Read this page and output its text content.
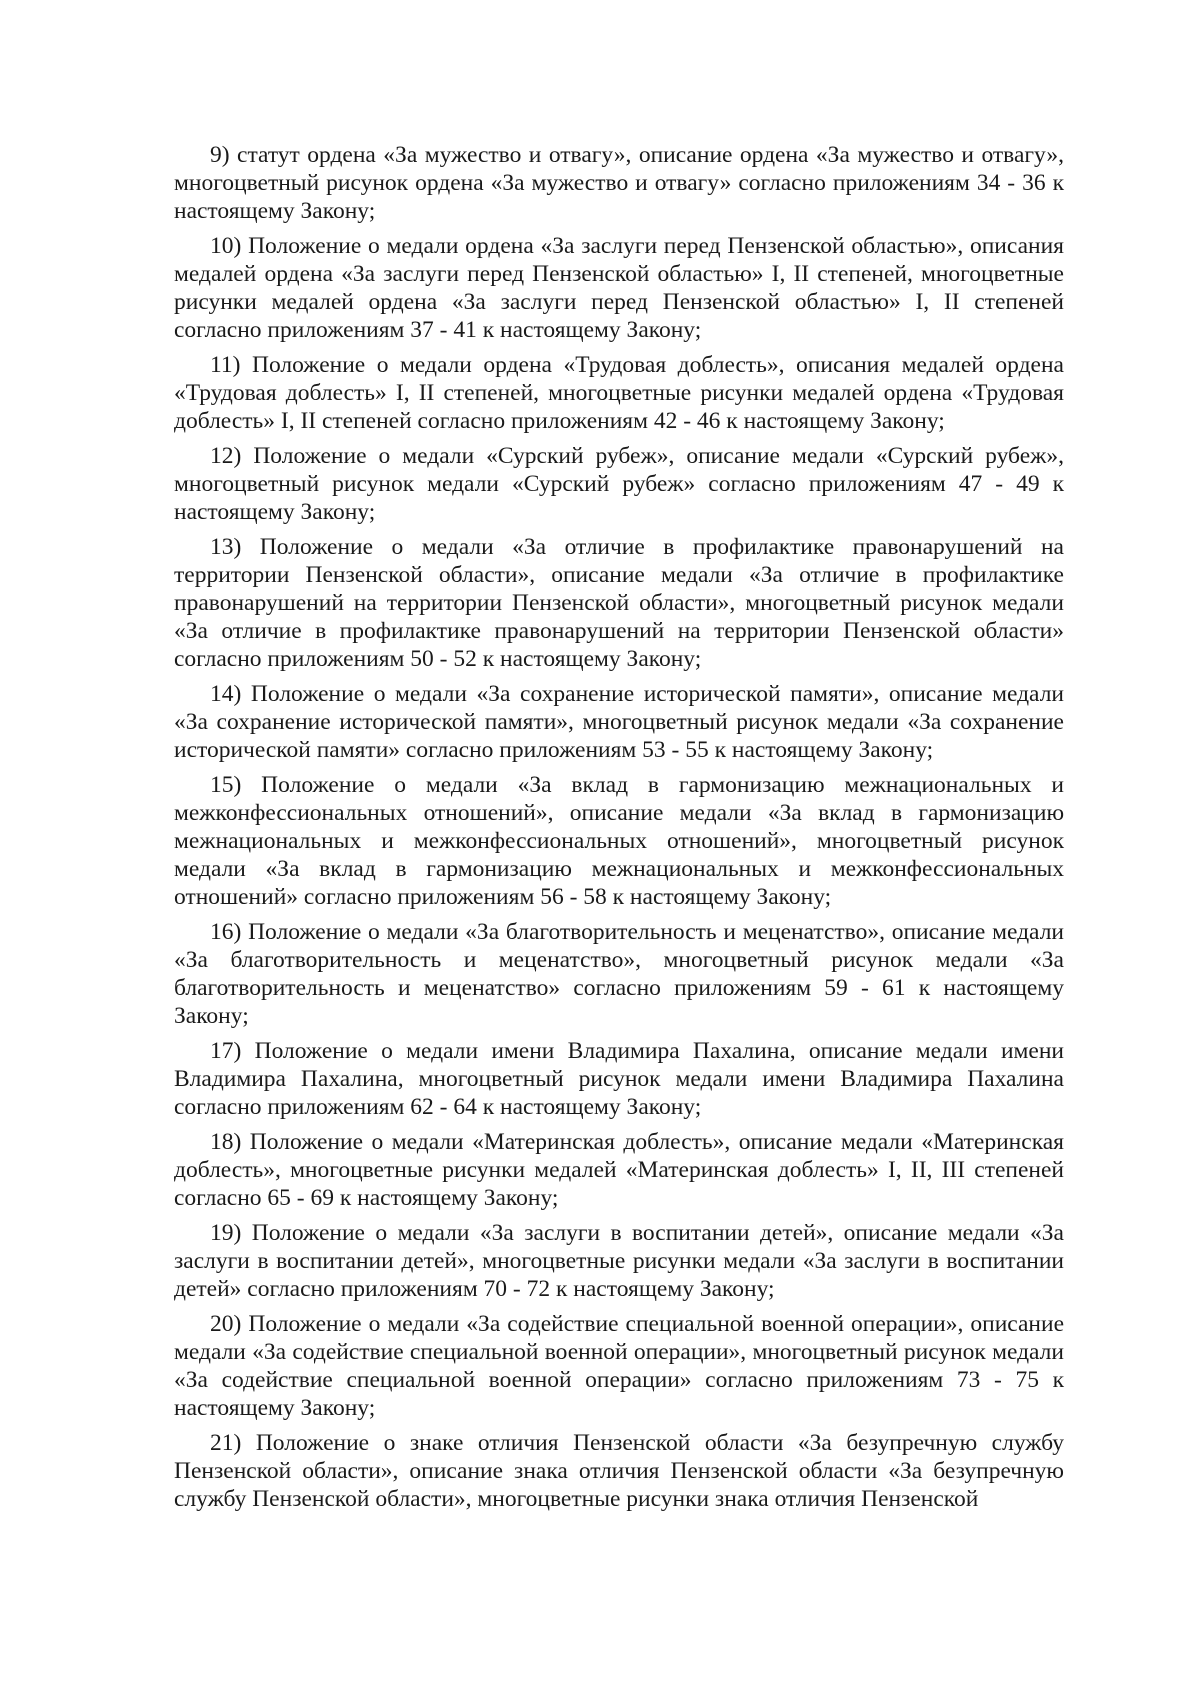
9) статут ордена «За мужество и отвагу», описание ордена «За мужество и отвагу», многоцветный рисунок ордена «За мужество и отвагу» согласно приложениям 34 - 36 к настоящему Закону;

10) Положение о медали ордена «За заслуги перед Пензенской областью», описания медалей ордена «За заслуги перед Пензенской областью» I, II степеней, многоцветные рисунки медалей ордена «За заслуги перед Пензенской областью» I, II степеней согласно приложениям 37 - 41 к настоящему Закону;

11) Положение о медали ордена «Трудовая доблесть», описания медалей ордена «Трудовая доблесть» I, II степеней, многоцветные рисунки медалей ордена «Трудовая доблесть» I, II степеней согласно приложениям 42 - 46 к настоящему Закону;

12) Положение о медали «Сурский рубеж», описание медали «Сурский рубеж», многоцветный рисунок медали «Сурский рубеж» согласно приложениям 47 - 49 к настоящему Закону;

13) Положение о медали «За отличие в профилактике правонарушений на территории Пензенской области», описание медали «За отличие в профилактике правонарушений на территории Пензенской области», многоцветный рисунок медали «За отличие в профилактике правонарушений на территории Пензенской области» согласно приложениям 50 - 52 к настоящему Закону;

14) Положение о медали «За сохранение исторической памяти», описание медали «За сохранение исторической памяти», многоцветный рисунок медали «За сохранение исторической памяти» согласно приложениям 53 - 55 к настоящему Закону;

15) Положение о медали «За вклад в гармонизацию межнациональных и межконфессиональных отношений», описание медали «За вклад в гармонизацию межнациональных и межконфессиональных отношений», многоцветный рисунок медали «За вклад в гармонизацию межнациональных и межконфессиональных отношений» согласно приложениям 56 - 58 к настоящему Закону;

16) Положение о медали «За благотворительность и меценатство», описание медали «За благотворительность и меценатство», многоцветный рисунок медали «За благотворительность и меценатство» согласно приложениям 59 - 61 к настоящему Закону;

17) Положение о медали имени Владимира Пахалина, описание медали имени Владимира Пахалина, многоцветный рисунок медали имени Владимира Пахалина согласно приложениям 62 - 64 к настоящему Закону;

18) Положение о медали «Материнская доблесть», описание медали «Материнская доблесть», многоцветные рисунки медалей «Материнская доблесть» I, II, III степеней согласно 65 - 69 к настоящему Закону;

19) Положение о медали «За заслуги в воспитании детей», описание медали «За заслуги в воспитании детей», многоцветные рисунки медали «За заслуги в воспитании детей» согласно приложениям 70 - 72 к настоящему Закону;

20) Положение о медали «За содействие специальной военной операции», описание медали «За содействие специальной военной операции», многоцветный рисунок медали «За содействие специальной военной операции» согласно приложениям 73 - 75 к настоящему Закону;

21) Положение о знаке отличия Пензенской области «За безупречную службу Пензенской области», описание знака отличия Пензенской области «За безупречную службу Пензенской области», многоцветные рисунки знака отличия Пензенской
